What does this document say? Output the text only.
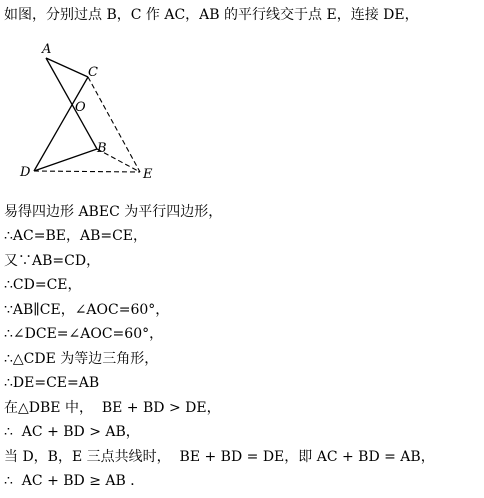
如图，分别过点 B，C 作 AC，AB 的平行线交于点 E，连接 DE，
A
C
O
B
D	E
易得四边形 ABEC 为平行四边形，
∴AC=BE，AB=CE，
又∵AB=CD，
∴CD=CE，
∵AB∥CE，∠AOC=60°，
∴∠DCE=∠AOC=60°，
∴△CDE 为等边三角形，
∴DE=CE=AB
在△DBE 中，  BE + BD > DE，
∴  AC + BD > AB，
当 D，B，E 三点共线时，  BE + BD = DE，即 AC + BD = AB，
∴  AC + BD ≥ AB ．
